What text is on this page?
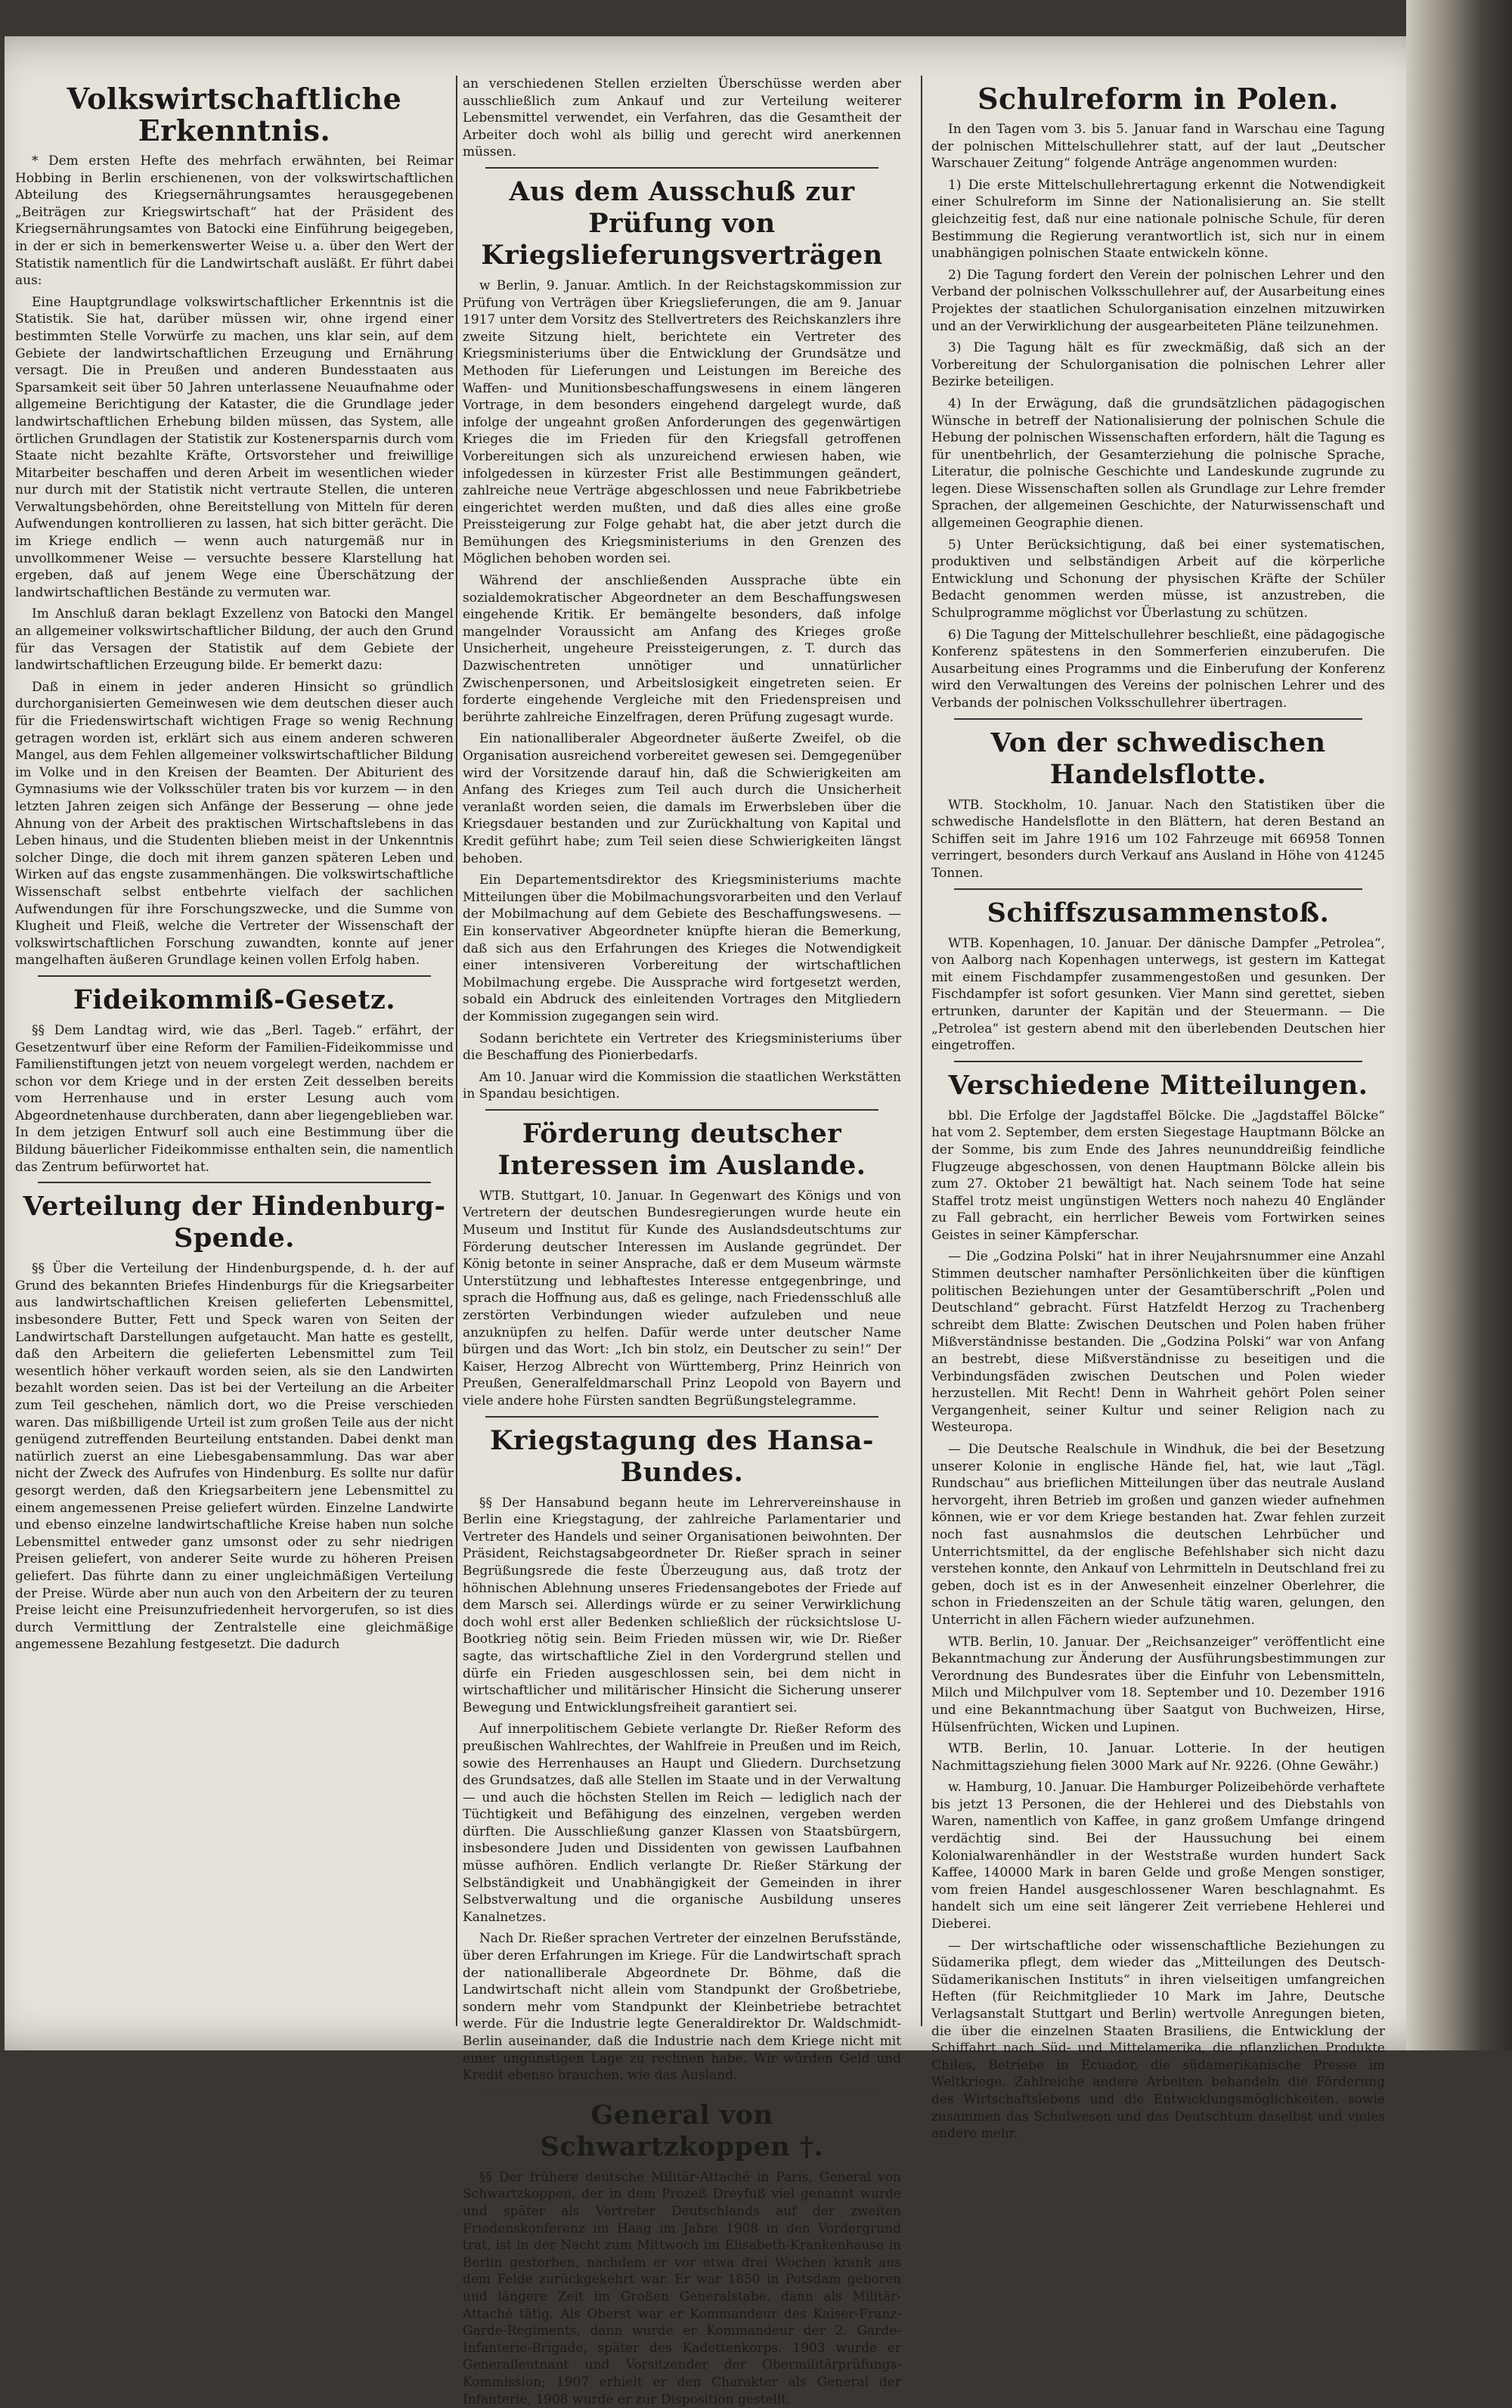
Volkswirtschaftliche Erkenntnis.

* Dem ersten Hefte des mehrfach erwähnten, bei Reimar Hobbing in Berlin erschienenen, von der volkswirtschaftlichen Abteilung des Kriegsernährungsamtes herausgegebenen „Beiträgen zur Kriegswirtschaft“ hat der Präsident des Kriegsernährungsamtes von Batocki eine Einführung beigegeben, in der er sich in bemerkenswerter Weise u. a. über den Wert der Statistik namentlich für die Landwirtschaft ausläßt. Er führt dabei aus:

Eine Hauptgrundlage volkswirtschaftlicher Erkenntnis ist die Statistik. Sie hat, darüber müssen wir, ohne irgend einer bestimmten Stelle Vorwürfe zu machen, uns klar sein, auf dem Gebiete der landwirtschaftlichen Erzeugung und Ernährung versagt. Die in Preußen und anderen Bundesstaaten aus Sparsamkeit seit über 50 Jahren unterlassene Neuaufnahme oder allgemeine Berichtigung der Kataster, die die Grundlage jeder landwirtschaftlichen Erhebung bilden müssen, das System, alle örtlichen Grundlagen der Statistik zur Kostenersparnis durch vom Staate nicht bezahlte Kräfte, Ortsvorsteher und freiwillige Mitarbeiter beschaffen und deren Arbeit im wesentlichen wieder nur durch mit der Statistik nicht vertraute Stellen, die unteren Verwaltungsbehörden, ohne Bereitstellung von Mitteln für deren Aufwendungen kontrollieren zu lassen, hat sich bitter gerächt. Die im Kriege endlich — wenn auch naturgemäß nur in unvollkommener Weise — versuchte bessere Klarstellung hat ergeben, daß auf jenem Wege eine Überschätzung der landwirtschaftlichen Bestände zu vermuten war.

Im Anschluß daran beklagt Exzellenz von Batocki den Mangel an allgemeiner volkswirtschaftlicher Bildung, der auch den Grund für das Versagen der Statistik auf dem Gebiete der landwirtschaftlichen Erzeugung bilde. Er bemerkt dazu:

Daß in einem in jeder anderen Hinsicht so gründlich durchorganisierten Gemeinwesen wie dem deutschen dieser auch für die Friedenswirtschaft wichtigen Frage so wenig Rechnung getragen worden ist, erklärt sich aus einem anderen schweren Mangel, aus dem Fehlen allgemeiner volkswirtschaftlicher Bildung im Volke und in den Kreisen der Beamten. Der Abiturient des Gymnasiums wie der Volksschüler traten bis vor kurzem — in den letzten Jahren zeigen sich Anfänge der Besserung — ohne jede Ahnung von der Arbeit des praktischen Wirtschaftslebens in das Leben hinaus, und die Studenten blieben meist in der Unkenntnis solcher Dinge, die doch mit ihrem ganzen späteren Leben und Wirken auf das engste zusammenhängen. Die volkswirtschaftliche Wissenschaft selbst entbehrte vielfach der sachlichen Aufwendungen für ihre Forschungszwecke, und die Summe von Klugheit und Fleiß, welche die Vertreter der Wissenschaft der volkswirtschaftlichen Forschung zuwandten, konnte auf jener mangelhaften äußeren Grundlage keinen vollen Erfolg haben.

Fideikommiß-Gesetz.

§§ Dem Landtag wird, wie das „Berl. Tageb.“ erfährt, der Gesetzentwurf über eine Reform der Familien-Fideikommisse und Familienstiftungen jetzt von neuem vorgelegt werden, nachdem er schon vor dem Kriege und in der ersten Zeit desselben bereits vom Herrenhause und in erster Lesung auch vom Abgeordnetenhause durchberaten, dann aber liegengeblieben war. In dem jetzigen Entwurf soll auch eine Bestimmung über die Bildung bäuerlicher Fideikommisse enthalten sein, die namentlich das Zentrum befürwortet hat.

Verteilung der Hindenburg-Spende.

§§ Über die Verteilung der Hindenburgspende, d. h. der auf Grund des bekannten Briefes Hindenburgs für die Kriegsarbeiter aus landwirtschaftlichen Kreisen gelieferten Lebensmittel, insbesondere Butter, Fett und Speck waren von Seiten der Landwirtschaft Darstellungen aufgetaucht. Man hatte es gestellt, daß den Arbeitern die gelieferten Lebensmittel zum Teil wesentlich höher verkauft worden seien, als sie den Landwirten bezahlt worden seien. Das ist bei der Verteilung an die Arbeiter zum Teil geschehen, nämlich dort, wo die Preise verschieden waren. Das mißbilligende Urteil ist zum großen Teile aus der nicht genügend zutreffenden Beurteilung entstanden. Dabei denkt man natürlich zuerst an eine Liebesgabensammlung. Das war aber nicht der Zweck des Aufrufes von Hindenburg. Es sollte nur dafür gesorgt werden, daß den Kriegsarbeitern jene Lebensmittel zu einem angemessenen Preise geliefert würden. Einzelne Landwirte und ebenso einzelne landwirtschaftliche Kreise haben nun solche Lebensmittel entweder ganz umsonst oder zu sehr niedrigen Preisen geliefert, von anderer Seite wurde zu höheren Preisen geliefert. Das führte dann zu einer ungleichmäßigen Verteilung der Preise. Würde aber nun auch von den Arbeitern der zu teuren Preise leicht eine Preisunzufriedenheit hervorgerufen, so ist dies durch Vermittlung der Zentralstelle eine gleichmäßige angemessene Bezahlung festgesetzt. Die dadurch

an verschiedenen Stellen erzielten Überschüsse werden aber ausschließlich zum Ankauf und zur Verteilung weiterer Lebensmittel verwendet, ein Verfahren, das die Gesamtheit der Arbeiter doch wohl als billig und gerecht wird anerkennen müssen.

Aus dem Ausschuß zur Prüfung von Kriegslieferungsverträgen

w Berlin, 9. Januar. Amtlich. In der Reichstagskommission zur Prüfung von Verträgen über Kriegslieferungen, die am 9. Januar 1917 unter dem Vorsitz des Stellvertreters des Reichskanzlers ihre zweite Sitzung hielt, berichtete ein Vertreter des Kriegsministeriums über die Entwicklung der Grundsätze und Methoden für Lieferungen und Leistungen im Bereiche des Waffen- und Munitionsbeschaffungswesens in einem längeren Vortrage, in dem besonders eingehend dargelegt wurde, daß infolge der ungeahnt großen Anforderungen des gegenwärtigen Krieges die im Frieden für den Kriegsfall getroffenen Vorbereitungen sich als unzureichend erwiesen haben, wie infolgedessen in kürzester Frist alle Bestimmungen geändert, zahlreiche neue Verträge abgeschlossen und neue Fabrikbetriebe eingerichtet werden mußten, und daß dies alles eine große Preissteigerung zur Folge gehabt hat, die aber jetzt durch die Bemühungen des Kriegsministeriums in den Grenzen des Möglichen behoben worden sei.

Während der anschließenden Aussprache übte ein sozialdemokratischer Abgeordneter an dem Beschaffungswesen eingehende Kritik. Er bemängelte besonders, daß infolge mangelnder Voraussicht am Anfang des Krieges große Unsicherheit, ungeheure Preissteigerungen, z. T. durch das Dazwischentreten unnötiger und unnatürlicher Zwischenpersonen, und Arbeitslosigkeit eingetreten seien. Er forderte eingehende Vergleiche mit den Friedenspreisen und berührte zahlreiche Einzelfragen, deren Prüfung zugesagt wurde.

Ein nationalliberaler Abgeordneter äußerte Zweifel, ob die Organisation ausreichend vorbereitet gewesen sei. Demgegenüber wird der Vorsitzende darauf hin, daß die Schwierigkeiten am Anfang des Krieges zum Teil auch durch die Unsicherheit veranlaßt worden seien, die damals im Erwerbsleben über die Kriegsdauer bestanden und zur Zurückhaltung von Kapital und Kredit geführt habe; zum Teil seien diese Schwierigkeiten längst behoben.

Ein Departementsdirektor des Kriegsministeriums machte Mitteilungen über die Mobilmachungsvorarbeiten und den Verlauf der Mobilmachung auf dem Gebiete des Beschaffungswesens. — Ein konservativer Abgeordneter knüpfte hieran die Bemerkung, daß sich aus den Erfahrungen des Krieges die Notwendigkeit einer intensiveren Vorbereitung der wirtschaftlichen Mobilmachung ergebe. Die Aussprache wird fortgesetzt werden, sobald ein Abdruck des einleitenden Vortrages den Mitgliedern der Kommission zugegangen sein wird.

Sodann berichtete ein Vertreter des Kriegsministeriums über die Beschaffung des Pionierbedarfs.

Am 10. Januar wird die Kommission die staatlichen Werkstätten in Spandau besichtigen.

Förderung deutscher Interessen im Auslande.

WTB. Stuttgart, 10. Januar. In Gegenwart des Königs und von Vertretern der deutschen Bundesregierungen wurde heute ein Museum und Institut für Kunde des Auslandsdeutschtums zur Förderung deutscher Interessen im Auslande gegründet. Der König betonte in seiner Ansprache, daß er dem Museum wärmste Unterstützung und lebhaftestes Interesse entgegenbringe, und sprach die Hoffnung aus, daß es gelinge, nach Friedensschluß alle zerstörten Verbindungen wieder aufzuleben und neue anzuknüpfen zu helfen. Dafür werde unter deutscher Name bürgen und das Wort: „Ich bin stolz, ein Deutscher zu sein!“ Der Kaiser, Herzog Albrecht von Württemberg, Prinz Heinrich von Preußen, Generalfeldmarschall Prinz Leopold von Bayern und viele andere hohe Fürsten sandten Begrüßungstelegramme.

Kriegstagung des Hansa-Bundes.

§§ Der Hansabund begann heute im Lehrervereinshause in Berlin eine Kriegstagung, der zahlreiche Parlamentarier und Vertreter des Handels und seiner Organisationen beiwohnten. Der Präsident, Reichstagsabgeordneter Dr. Rießer sprach in seiner Begrüßungsrede die feste Überzeugung aus, daß trotz der höhnischen Ablehnung unseres Friedensangebotes der Friede auf dem Marsch sei. Allerdings würde er zu seiner Verwirklichung doch wohl erst aller Bedenken schließlich der rücksichtslose U-Bootkrieg nötig sein. Beim Frieden müssen wir, wie Dr. Rießer sagte, das wirtschaftliche Ziel in den Vordergrund stellen und dürfe ein Frieden ausgeschlossen sein, bei dem nicht in wirtschaftlicher und militärischer Hinsicht die Sicherung unserer Bewegung und Entwicklungsfreiheit garantiert sei.

Auf innerpolitischem Gebiete verlangte Dr. Rießer Reform des preußischen Wahlrechtes, der Wahlfreie in Preußen und im Reich, sowie des Herrenhauses an Haupt und Gliedern. Durchsetzung des Grundsatzes, daß alle Stellen im Staate und in der Verwaltung — und auch die höchsten Stellen im Reich — lediglich nach der Tüchtigkeit und Befähigung des einzelnen, vergeben werden dürften. Die Ausschließung ganzer Klassen von Staatsbürgern, insbesondere Juden und Dissidenten von gewissen Laufbahnen müsse aufhören. Endlich verlangte Dr. Rießer Stärkung der Selbständigkeit und Unabhängigkeit der Gemeinden in ihrer Selbstverwaltung und die organische Ausbildung unseres Kanalnetzes.

Nach Dr. Rießer sprachen Vertreter der einzelnen Berufsstände, über deren Erfahrungen im Kriege. Für die Landwirtschaft sprach der nationalliberale Abgeordnete Dr. Böhme, daß die Landwirtschaft nicht allein vom Standpunkt der Großbetriebe, sondern mehr vom Standpunkt der Kleinbetriebe betrachtet werde. Für die Industrie legte Generaldirektor Dr. Waldschmidt-Berlin auseinander, daß die Industrie nach dem Kriege nicht mit einer ungünstigen Lage zu rechnen habe. Wir würden Geld und Kredit ebenso brauchen, wie das Ausland.

General von Schwartzkoppen †.

§§ Der frühere deutsche Militär-Attaché in Paris, General von Schwartzkoppen, der in dem Prozeß Dreyfuß viel genannt wurde und später als Vertreter Deutschlands auf der zweiten Friedenskonferenz im Haag im Jahre 1908 in den Vordergrund trat, ist in der Nacht zum Mittwoch im Elisabeth-Krankenhause in Berlin gestorben, nachdem er vor etwa drei Wochen krank aus dem Felde zurückgekehrt war. Er war 1850 in Potsdam geboren und längere Zeit im Großen Generalstabe, dann als Militär-Attaché tätig. Als Oberst war er Kommandeur des Kaiser-Franz-Garde-Regiments, dann wurde er Kommandeur der 2. Garde-Infanterie-Brigade, später des Kadettenkorps. 1903 wurde er Generalleutnant und Vorsitzender der Obermilitärprüfungs-Kommission; 1907 erhielt er den Charakter als General der Infanterie, 1908 wurde er zur Disposition gestellt.

Schulreform in Polen.

In den Tagen vom 3. bis 5. Januar fand in Warschau eine Tagung der polnischen Mittelschullehrer statt, auf der laut „Deutscher Warschauer Zeitung“ folgende Anträge angenommen wurden:

1) Die erste Mittelschullehrertagung erkennt die Notwendigkeit einer Schulreform im Sinne der Nationalisierung an. Sie stellt gleichzeitig fest, daß nur eine nationale polnische Schule, für deren Bestimmung die Regierung verantwortlich ist, sich nur in einem unabhängigen polnischen Staate entwickeln könne.

2) Die Tagung fordert den Verein der polnischen Lehrer und den Verband der polnischen Volksschullehrer auf, der Ausarbeitung eines Projektes der staatlichen Schulorganisation einzelnen mitzuwirken und an der Verwirklichung der ausgearbeiteten Pläne teilzunehmen.

3) Die Tagung hält es für zweckmäßig, daß sich an der Vorbereitung der Schulorganisation die polnischen Lehrer aller Bezirke beteiligen.

4) In der Erwägung, daß die grundsätzlichen pädagogischen Wünsche in betreff der Nationalisierung der polnischen Schule die Hebung der polnischen Wissenschaften erfordern, hält die Tagung es für unentbehrlich, der Gesamterziehung die polnische Sprache, Literatur, die polnische Geschichte und Landeskunde zugrunde zu legen. Diese Wissenschaften sollen als Grundlage zur Lehre fremder Sprachen, der allgemeinen Geschichte, der Naturwissenschaft und allgemeinen Geographie dienen.

5) Unter Berücksichtigung, daß bei einer systematischen, produktiven und selbständigen Arbeit auf die körperliche Entwicklung und Schonung der physischen Kräfte der Schüler Bedacht genommen werden müsse, ist anzustreben, die Schulprogramme möglichst vor Überlastung zu schützen.

6) Die Tagung der Mittelschullehrer beschließt, eine pädagogische Konferenz spätestens in den Sommerferien einzuberufen. Die Ausarbeitung eines Programms und die Einberufung der Konferenz wird den Verwaltungen des Vereins der polnischen Lehrer und des Verbands der polnischen Volksschullehrer übertragen.

Von der schwedischen Handelsflotte.

WTB. Stockholm, 10. Januar. Nach den Statistiken über die schwedische Handelsflotte in den Blättern, hat deren Bestand an Schiffen seit im Jahre 1916 um 102 Fahrzeuge mit 66958 Tonnen verringert, besonders durch Verkauf ans Ausland in Höhe von 41245 Tonnen.

Schiffszusammenstoß.

WTB. Kopenhagen, 10. Januar. Der dänische Dampfer „Petrolea“, von Aalborg nach Kopenhagen unterwegs, ist gestern im Kattegat mit einem Fischdampfer zusammengestoßen und gesunken. Der Fischdampfer ist sofort gesunken. Vier Mann sind gerettet, sieben ertrunken, darunter der Kapitän und der Steuermann. — Die „Petrolea“ ist gestern abend mit den überlebenden Deutschen hier eingetroffen.

Verschiedene Mitteilungen.

bbl. Die Erfolge der Jagdstaffel Bölcke. Die „Jagdstaffel Bölcke“ hat vom 2. September, dem ersten Siegestage Hauptmann Bölcke an der Somme, bis zum Ende des Jahres neununddreißig feindliche Flugzeuge abgeschossen, von denen Hauptmann Bölcke allein bis zum 27. Oktober 21 bewältigt hat. Nach seinem Tode hat seine Staffel trotz meist ungünstigen Wetters noch nahezu 40 Engländer zu Fall gebracht, ein herrlicher Beweis vom Fortwirken seines Geistes in seiner Kämpferschar.

— Die „Godzina Polski“ hat in ihrer Neujahrsnummer eine Anzahl Stimmen deutscher namhafter Persönlichkeiten über die künftigen politischen Beziehungen unter der Gesamtüberschrift „Polen und Deutschland“ gebracht. Fürst Hatzfeldt Herzog zu Trachenberg schreibt dem Blatte: Zwischen Deutschen und Polen haben früher Mißverständnisse bestanden. Die „Godzina Polski“ war von Anfang an bestrebt, diese Mißverständnisse zu beseitigen und die Verbindungsfäden zwischen Deutschen und Polen wieder herzustellen. Mit Recht! Denn in Wahrheit gehört Polen seiner Vergangenheit, seiner Kultur und seiner Religion nach zu Westeuropa.

— Die Deutsche Realschule in Windhuk, die bei der Besetzung unserer Kolonie in englische Hände fiel, hat, wie laut „Tägl. Rundschau“ aus brieflichen Mitteilungen über das neutrale Ausland hervorgeht, ihren Betrieb im großen und ganzen wieder aufnehmen können, wie er vor dem Kriege bestanden hat. Zwar fehlen zurzeit noch fast ausnahmslos die deutschen Lehrbücher und Unterrichtsmittel, da der englische Befehlshaber sich nicht dazu verstehen konnte, den Ankauf von Lehrmitteln in Deutschland frei zu geben, doch ist es in der Anwesenheit einzelner Oberlehrer, die schon in Friedenszeiten an der Schule tätig waren, gelungen, den Unterricht in allen Fächern wieder aufzunehmen.

WTB. Berlin, 10. Januar. Der „Reichsanzeiger“ veröffentlicht eine Bekanntmachung zur Änderung der Ausführungsbestimmungen zur Verordnung des Bundesrates über die Einfuhr von Lebensmitteln, Milch und Milchpulver vom 18. September und 10. Dezember 1916 und eine Bekanntmachung über Saatgut von Buchweizen, Hirse, Hülsenfrüchten, Wicken und Lupinen.

WTB. Berlin, 10. Januar. Lotterie. In der heutigen Nachmittagsziehung fielen 3000 Mark auf Nr. 9226. (Ohne Gewähr.)

w. Hamburg, 10. Januar. Die Hamburger Polizeibehörde verhaftete bis jetzt 13 Personen, die der Hehlerei und des Diebstahls von Waren, namentlich von Kaffee, in ganz großem Umfange dringend verdächtig sind. Bei der Haussuchung bei einem Kolonialwarenhändler in der Weststraße wurden hundert Sack Kaffee, 140000 Mark in baren Gelde und große Mengen sonstiger, vom freien Handel ausgeschlossener Waren beschlagnahmt. Es handelt sich um eine seit längerer Zeit verriebene Hehlerei und Dieberei.

— Der wirtschaftliche oder wissenschaftliche Beziehungen zu Südamerika pflegt, dem wieder das „Mitteilungen des Deutsch-Südamerikanischen Instituts“ in ihren vielseitigen umfangreichen Heften (für Reichmitglieder 10 Mark im Jahre, Deutsche Verlagsanstalt Stuttgart und Berlin) wertvolle Anregungen bieten, die über die einzelnen Staaten Brasiliens, die Entwicklung der Schiffahrt nach Süd- und Mittelamerika, die pflanzlichen Produkte Chiles, Betriebe in Ecuador, die südamerikanische Presse im Weltkriege. Zahlreiche andere Arbeiten behandeln die Förderung des Wirtschaftslebens und die Entwicklungsmöglichkeiten, sowie zusammen das Schulwesen und das Deutschtum daselbst und vieles andere mehr.
